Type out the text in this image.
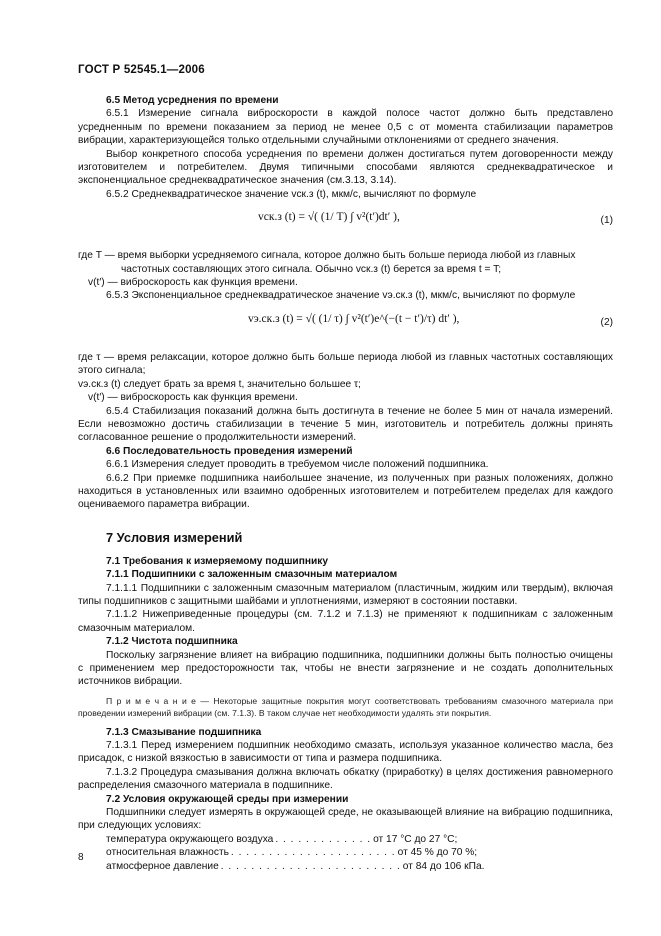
ГОСТ Р 52545.1—2006

6.5 Метод усреднения по времени

6.5.1 Измерение сигнала виброскорости в каждой полосе частот должно быть представлено усредненным по времени показанием за период не менее 0,5 с от момента стабилизации параметров вибрации, характеризующейся только отдельными случайными отклонениями от среднего значения.

Выбор конкретного способа усреднения по времени должен достигаться путем договоренности между изготовителем и потребителем. Двумя типичными способами являются среднеквадратическое и экспоненциальное среднеквадратическое значения (см.3.13, 3.14).

6.5.2 Среднеквадратическое значение vск.з (t), мкм/с, вычисляют по формуле

vск.з (t) = √( (1/ T) ∫ v²(t′)dt′ ),	(1)

где T — время выборки усредняемого сигнала, которое должно быть больше периода любой из главных

частотных составляющих этого сигнала. Обычно vск.з (t) берется за время t = T;

v(t′) — виброскорость как функция времени.

6.5.3 Экспоненциальное среднеквадратическое значение vэ.ск.з (t), мкм/с, вычисляют по формуле

vэ.ск.з (t) = √( (1/ τ) ∫ v²(t′)e^(−(t − t′)/τ) dt′ ),	(2)

где τ — время релаксации, которое должно быть больше периода любой из главных частотных составляющих этого сигнала;

vэ.ск.з (t) следует брать за время t, значительно большее τ;

v(t′) — виброскорость как функция времени.

6.5.4 Стабилизация показаний должна быть достигнута в течение не более 5 мин от начала измерений. Если невозможно достичь стабилизации в течение 5 мин, изготовитель и потребитель должны принять согласованное решение о продолжительности измерений.

6.6 Последовательность проведения измерений

6.6.1 Измерения следует проводить в требуемом числе положений подшипника.

6.6.2 При приемке подшипника наибольшее значение, из полученных при разных положениях, должно находиться в установленных или взаимно одобренных изготовителем и потребителем пределах для каждого оцениваемого параметра вибрации.

7 Условия измерений

7.1 Требования к измеряемому подшипнику

7.1.1 Подшипники с заложенным смазочным материалом

7.1.1.1 Подшипники с заложенным смазочным материалом (пластичным, жидким или твердым), включая типы подшипников с защитными шайбами и уплотнениями, измеряют в состоянии поставки.

7.1.1.2 Нижеприведенные процедуры (см. 7.1.2 и 7.1.3) не применяют к подшипникам с заложенным смазочным материалом.

7.1.2 Чистота подшипника

Поскольку загрязнение влияет на вибрацию подшипника, подшипники должны быть полностью очищены с применением мер предосторожности так, чтобы не внести загрязнение и не создать дополнительных источников вибрации.

П р и м е ч а н и е — Некоторые защитные покрытия могут соответствовать требованиям смазочного материала при проведении измерений вибрации (см. 7.1.3). В таком случае нет необходимости удалять эти покрытия.

7.1.3 Смазывание подшипника

7.1.3.1 Перед измерением подшипник необходимо смазать, используя указанное количество масла, без присадок, с низкой вязкостью в зависимости от типа и размера подшипника.

7.1.3.2 Процедура смазывания должна включать обкатку (приработку) в целях достижения равномерного распределения смазочного материала в подшипнике.

7.2 Условия окружающей среды при измерении

Подшипники следует измерять в окружающей среде, не оказывающей влияние на вибрацию подшипника, при следующих условиях:

температура окружающего воздуха . . . . . . . . . . . . . от 17 °С до 27 °С;
относительная влажность . . . . . . . . . . . . . . . . . . . . . . от 45 % до 70 %;
атмосферное давление . . . . . . . . . . . . . . . . . . . . . . . . от 84 до 106 кПа.
8
